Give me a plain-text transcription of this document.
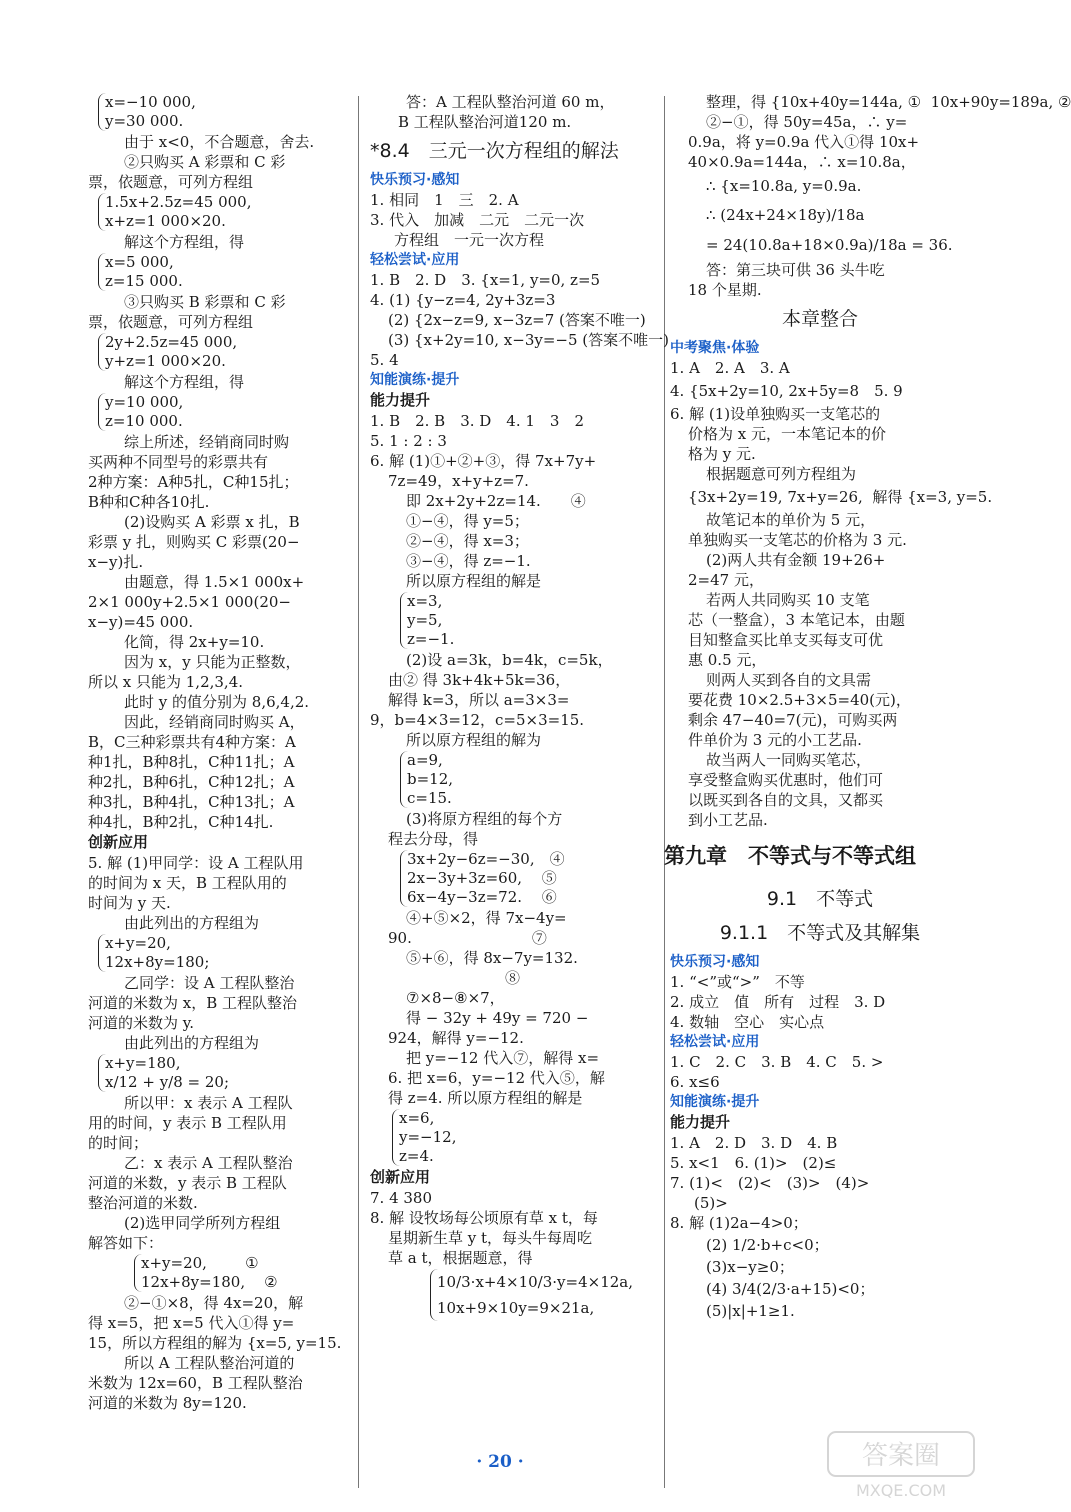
x=−10 000,
y=30 000.
由于 x<0，不合题意，舍去.
②只购买 A 彩票和 C 彩
票，依题意，可列方程组
1.5x+2.5z=45 000,
x+z=1 000×20.
解这个方程组，得
x=5 000,
z=15 000.
③只购买 B 彩票和 C 彩
票，依题意，可列方程组
2y+2.5z=45 000,
y+z=1 000×20.
解这个方程组，得
y=10 000,
z=10 000.
综上所述，经销商同时购
买两种不同型号的彩票共有
2种方案：A种5扎，C种15扎；
B种和C种各10扎.
(2)设购买 A 彩票 x 扎，B
彩票 y 扎，则购买 C 彩票(20−
x−y)扎.
由题意，得 1.5×1 000x+
2×1 000y+2.5×1 000(20−
x−y)=45 000.
化简，得 2x+y=10.
因为 x，y 只能为正整数，
所以 x 只能为 1,2,3,4.
此时 y 的值分别为 8,6,4,2.
因此，经销商同时购买 A，
B，C三种彩票共有4种方案：A
种1扎，B种8扎，C种11扎；A
种2扎，B种6扎，C种12扎；A
种3扎，B种4扎，C种13扎；A
种4扎，B种2扎，C种14扎.
创新应用
5. 解 (1)甲同学：设 A 工程队用
的时间为 x 天，B 工程队用的
时间为 y 天.
由此列出的方程组为
x+y=20,
12x+8y=180;
乙同学：设 A 工程队整治
河道的米数为 x，B 工程队整治
河道的米数为 y.
由此列出的方程组为
x+y=180,
x/12 + y/8 = 20;
所以甲：x 表示 A 工程队
用的时间，y 表示 B 工程队用
的时间；
乙：x 表示 A 工程队整治
河道的米数，y 表示 B 工程队
整治河道的米数.
(2)选甲同学所列方程组
解答如下：
x+y=20,        ①
12x+8y=180,    ②
②−①×8，得 4x=20，解
得 x=5，把 x=5 代入①得 y=
15，所以方程组的解为 {x=5, y=15.
所以 A 工程队整治河道的
米数为 12x=60，B 工程队整治
河道的米数为 8y=120.
答：A 工程队整治河道 60 m，
B 工程队整治河道120 m.
*8.4　三元一次方程组的解法
快乐预习·感知
1. 相同　1　三　2. A
3. 代入　加减　二元　二元一次
方程组　一元一次方程
轻松尝试·应用
1. B　2. D　3. {x=1, y=0, z=5
4. (1) {y−z=4, 2y+3z=3
(2) {2x−z=9, x−3z=7 (答案不唯一)
(3) {x+2y=10, x−3y=−5 (答案不唯一)
5. 4
知能演练·提升
能力提升
1. B　2. B　3. D　4. 1　3　2
5. 1 : 2 : 3
6. 解 (1)①+②+③，得 7x+7y+
7z=49，x+y+z=7.
即 2x+2y+2z=14.　　④
①−④，得 y=5；
②−④，得 x=3；
③−④，得 z=−1.
所以原方程组的解是
x=3,
y=5,
z=−1.
(2)设 a=3k，b=4k，c=5k，
由② 得 3k+4k+5k=36，
解得 k=3，所以 a=3×3=
9，b=4×3=12，c=5×3=15.
所以原方程组的解为
a=9,
b=12,
c=15.
(3)将原方程组的每个方
程去分母，得
3x+2y−6z=−30,　④
2x−3y+3z=60,　 ⑤
6x−4y−3z=72.　 ⑥
④+⑤×2，得 7x−4y=
90.　　　　　　　　⑦
⑤+⑥，得 8x−7y=132.
　　　　　　　　　⑧
⑦×8−⑧×7，
得 − 32y + 49y = 720 −
924，解得 y=−12.
把 y=−12 代入⑦，解得 x=
6. 把 x=6，y=−12 代入⑤，解
得 z=4. 所以原方程组的解是
x=6,
y=−12,
z=4.
创新应用
7. 4 380
8. 解 设牧场每公顷原有草 x t，每
星期新生草 y t，每头牛每周吃
草 a t，根据题意，得
10/3·x+4×10/3·y=4×12a,
10x+9×10y=9×21a,
整理，得 {10x+40y=144a, ①  10x+90y=189a, ②
②−①，得 50y=45a，∴ y=
0.9a，将 y=0.9a 代入①得 10x+
40×0.9a=144a，∴ x=10.8a，
∴ {x=10.8a, y=0.9a.
∴ (24x+24×18y)/18a
= 24(10.8a+18×0.9a)/18a = 36.
答：第三块可供 36 头牛吃
18 个星期.
本章整合
中考聚焦·体验
1. A　2. A　3. A
4. {5x+2y=10, 2x+5y=8　5. 9
6. 解 (1)设单独购买一支笔芯的
价格为 x 元，一本笔记本的价
格为 y 元.
根据题意可列方程组为
{3x+2y=19, 7x+y=26,  解得 {x=3, y=5.
故笔记本的单价为 5 元，
单独购买一支笔芯的价格为 3 元.
(2)两人共有金额 19+26+
2=47 元，
若两人共同购买 10 支笔
芯（一整盒），3 本笔记本，由题
目知整盒买比单支买每支可优
惠 0.5 元，
则两人买到各自的文具需
要花费 10×2.5+3×5=40(元)，
剩余 47−40=7(元)，可购买两
件单价为 3 元的小工艺品.
故当两人一同购买笔芯，
享受整盒购买优惠时，他们可
以既买到各自的文具，又都买
到小工艺品.
第九章　不等式与不等式组
9.1　不等式
9.1.1　不等式及其解集
快乐预习·感知
1. “<”或“>”　不等
2. 成立　值　所有　过程　3. D
4. 数轴　空心　实心点
轻松尝试·应用
1. C　2. C　3. B　4. C　5. >
6. x≤6
知能演练·提升
能力提升
1. A　2. D　3. D　4. B
5. x<1　6. (1)>　(2)≤
7. (1)<　(2)<　(3)>　(4)>
(5)>
8. 解 (1)2a−4>0；
(2) 1/2·b+c<0；
(3)x−y≥0；
(4) 3/4(2/3·a+15)<0；
(5)|x|+1≥1.
· 20 ·	答案圈
MXQE.COM
